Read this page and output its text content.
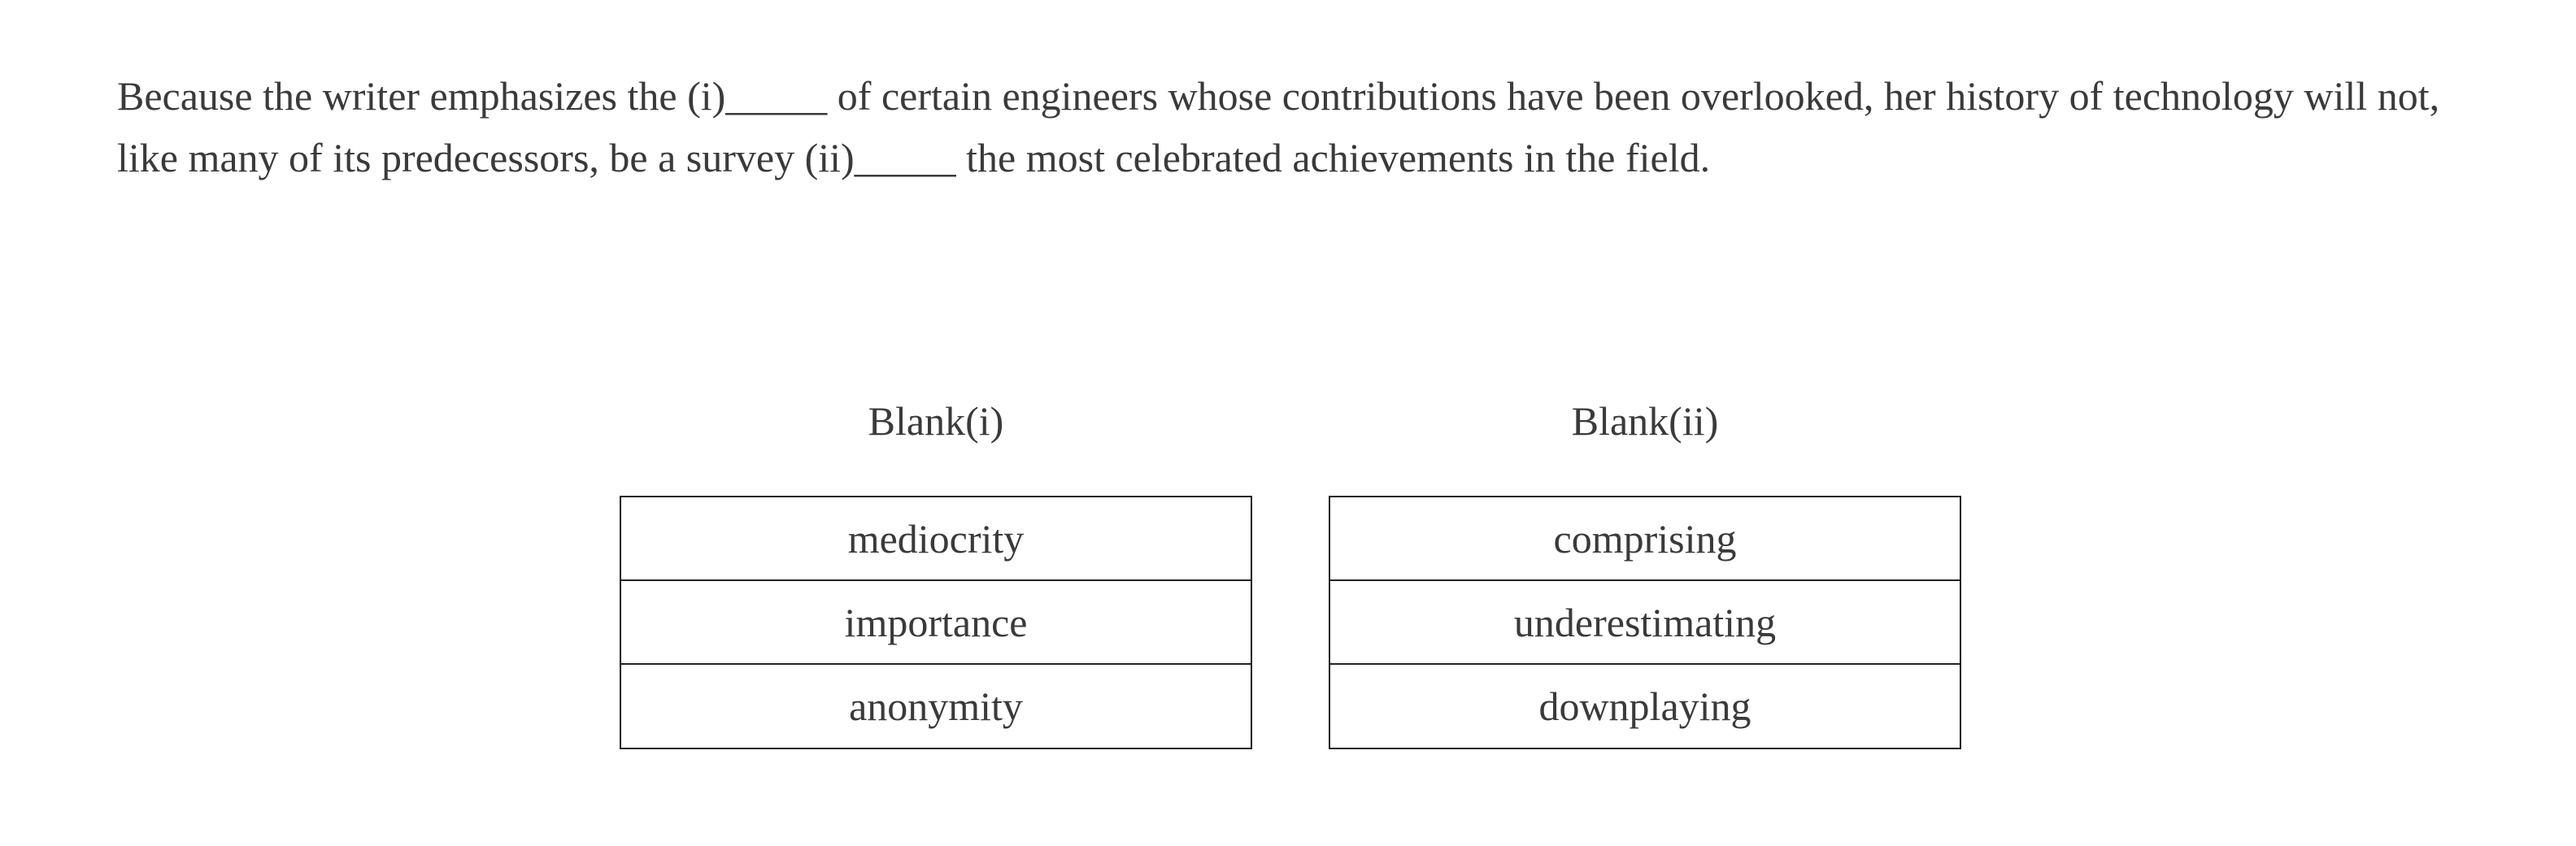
Because the writer emphasizes the (i)_____ of certain engineers whose contributions have been overlooked, her history of technology will not, like many of its predecessors, be a survey (ii)_____ the most celebrated achievements in the field.

Blank(i)
mediocrity
importance
anonymity
Blank(ii)
comprising
underestimating
downplaying
